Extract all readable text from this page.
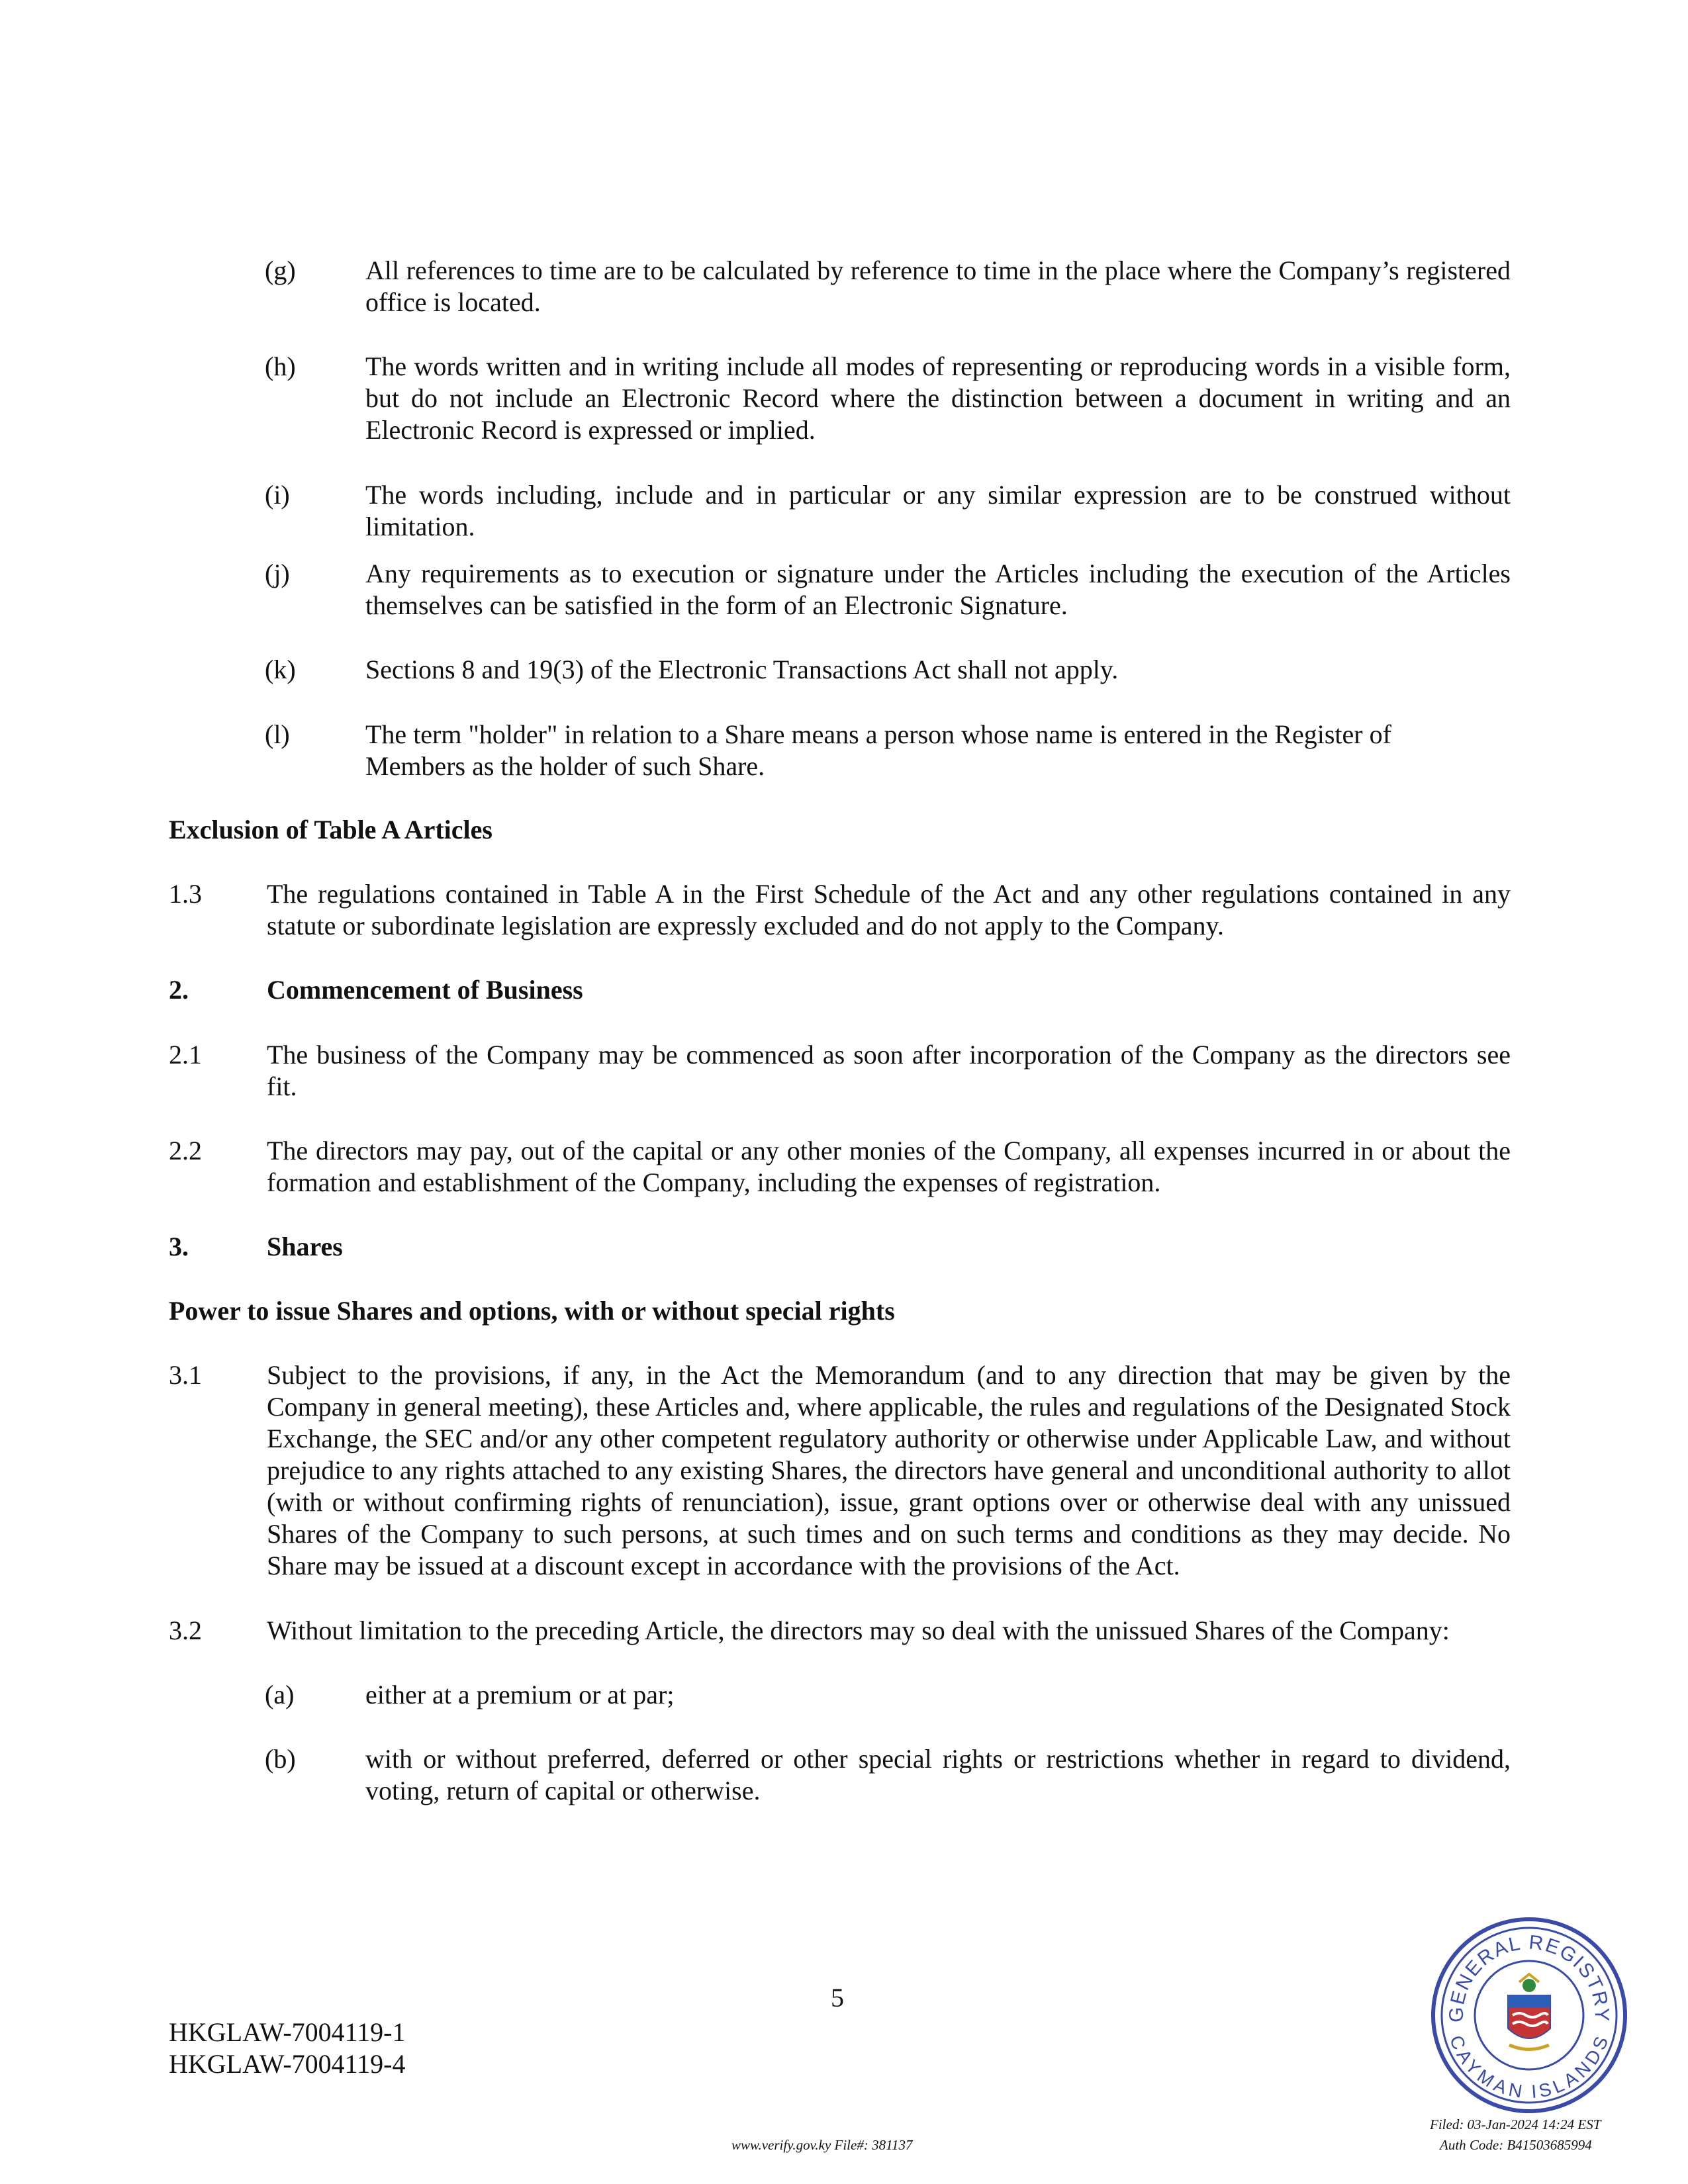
(g)	All references to time are to be calculated by reference to time in the place where the Company’s registered office is located.

(h)	The words written and in writing include all modes of representing or reproducing words in a visible form, but do not include an Electronic Record where the distinction between a document in writing and an Electronic Record is expressed or implied.

(i)	The words including, include and in particular or any similar expression are to be construed without limitation.

(j)	Any requirements as to execution or signature under the Articles including the execution of the Articles themselves can be satisfied in the form of an Electronic Signature.

(k)	Sections 8 and 19(3) of the Electronic Transactions Act shall not apply.

(l)	The term "holder" in relation to a Share means a person whose name is entered in the Register of Members as the holder of such Share.

Exclusion of Table A Articles

1.3 The regulations contained in Table A in the First Schedule of the Act and any other regulations contained in any statute or subordinate legislation are expressly excluded and do not apply to the Company.

2.	Commencement of Business

2.1 The business of the Company may be commenced as soon after incorporation of the Company as the directors see fit.

2.2 The directors may pay, out of the capital or any other monies of the Company, all expenses incurred in or about the formation and establishment of the Company, including the expenses of registration.

3.	Shares

Power to issue Shares and options, with or without special rights

3.1 Subject to the provisions, if any, in the Act the Memorandum (and to any direction that may be given by the Company in general meeting), these Articles and, where applicable, the rules and regulations of the Designated Stock Exchange, the SEC and/or any other competent regulatory authority or otherwise under Applicable Law, and without prejudice to any rights attached to any existing Shares, the directors have general and unconditional authority to allot (with or without confirming rights of renunciation), issue, grant options over or otherwise deal with any unissued Shares of the Company to such persons, at such times and on such terms and conditions as they may decide. No Share may be issued at a discount except in accordance with the provisions of the Act.

3.2 Without limitation to the preceding Article, the directors may so deal with the unissued Shares of the Company:

(a)	either at a premium or at par;

(b)	with or without preferred, deferred or other special rights or restrictions whether in regard to dividend, voting, return of capital or otherwise.

5

HKGLAW-7004119-1

HKGLAW-7004119-4

www.verify.gov.ky File#: 381137

Filed: 03-Jan-2024 14:24 EST

Auth Code: B41503685994

GENERAL REGISTRY
CAYMAN ISLANDS
